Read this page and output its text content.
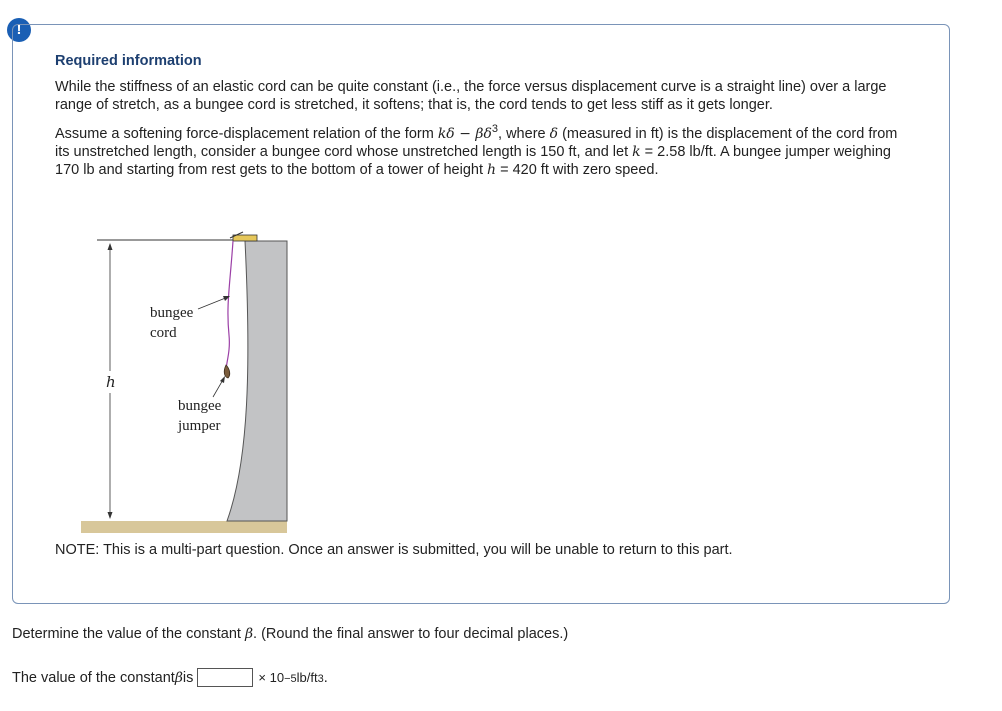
!
Required information

While the stiffness of an elastic cord can be quite constant (i.e., the force versus displacement curve is a straight line) over a large range of stretch, as a bungee cord is stretched, it softens; that is, the cord tends to get less stiff as it gets longer.

Assume a softening force-displacement relation of the form $k\delta - \beta\delta^3$, where δ (measured in ft) is the displacement of the cord from its unstretched length, consider a bungee cord whose unstretched length is 150 ft, and let k = 2.58 lb/ft. A bungee jumper weighing 170 lb and starting from rest gets to the bottom of a tower of height h = 420 ft with zero speed.

h
bungee
cord
bungee
jumper
NOTE: This is a multi-part question. Once an answer is submitted, you will be unable to return to this part.
Determine the value of the constant β. (Round the final answer to four decimal places.)
The value of the constant β is	× 10 −5 lb/ft 3 .
